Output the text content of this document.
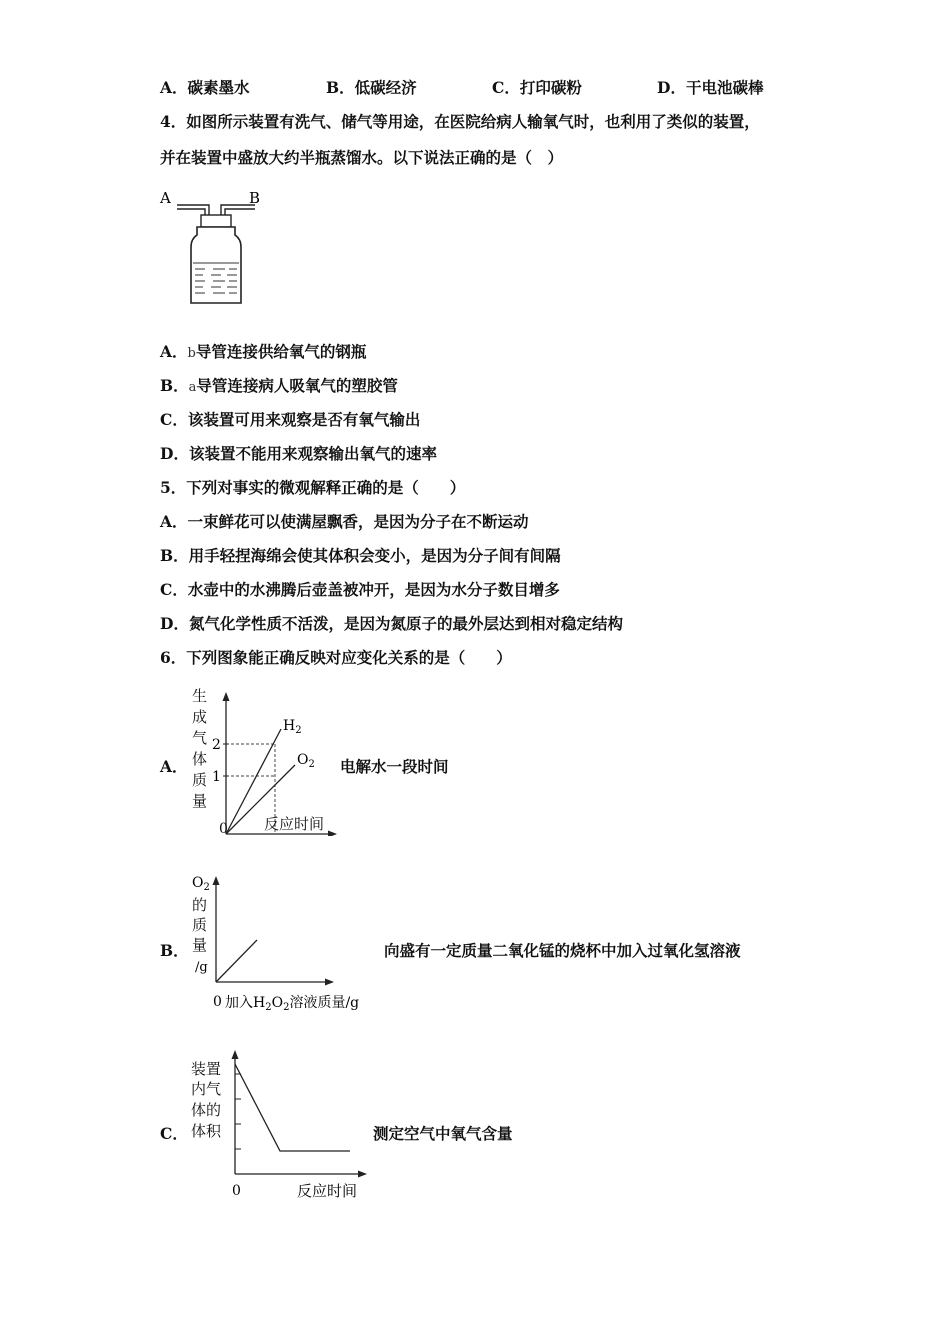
A．碳素墨水	B．低碳经济	C．打印碳粉	D．干电池碳棒
4．如图所示装置有洗气、储气等用途，在医院给病人输氧气时，也利用了类似的装置，
并在装置中盛放大约半瓶蒸馏水。以下说法正确的是（　）
A	B
A．b导管连接供给氧气的钢瓶
B．a导管连接病人吸氧气的塑胶管
C．该装置可用来观察是否有氧气输出
D．该装置不能用来观察输出氧气的速率
5．下列对事实的微观解释正确的是（　　）
A．一束鲜花可以使满屋飘香，是因为分子在不断运动
B．用手轻捏海绵会使其体积会变小，是因为分子间有间隔
C．水壶中的水沸腾后壶盖被冲开，是因为水分子数目增多
D．氮气化学性质不活泼，是因为氮原子的最外层达到相对稳定结构
6．下列图象能正确反映对应变化关系的是（　　）
A．
生
成
气
体
质
量
2
1
$H_2$
$O_2$
0 反应时间
电解水一段时间
B．
$O_2$
的
质
量
/g
0 加入$H_2O_2$溶液质量/g
向盛有一定质量二氧化锰的烧杯中加入过氧化氢溶液
C．
装置
内气
体的
体积
0	反应时间
测定空气中氧气含量
